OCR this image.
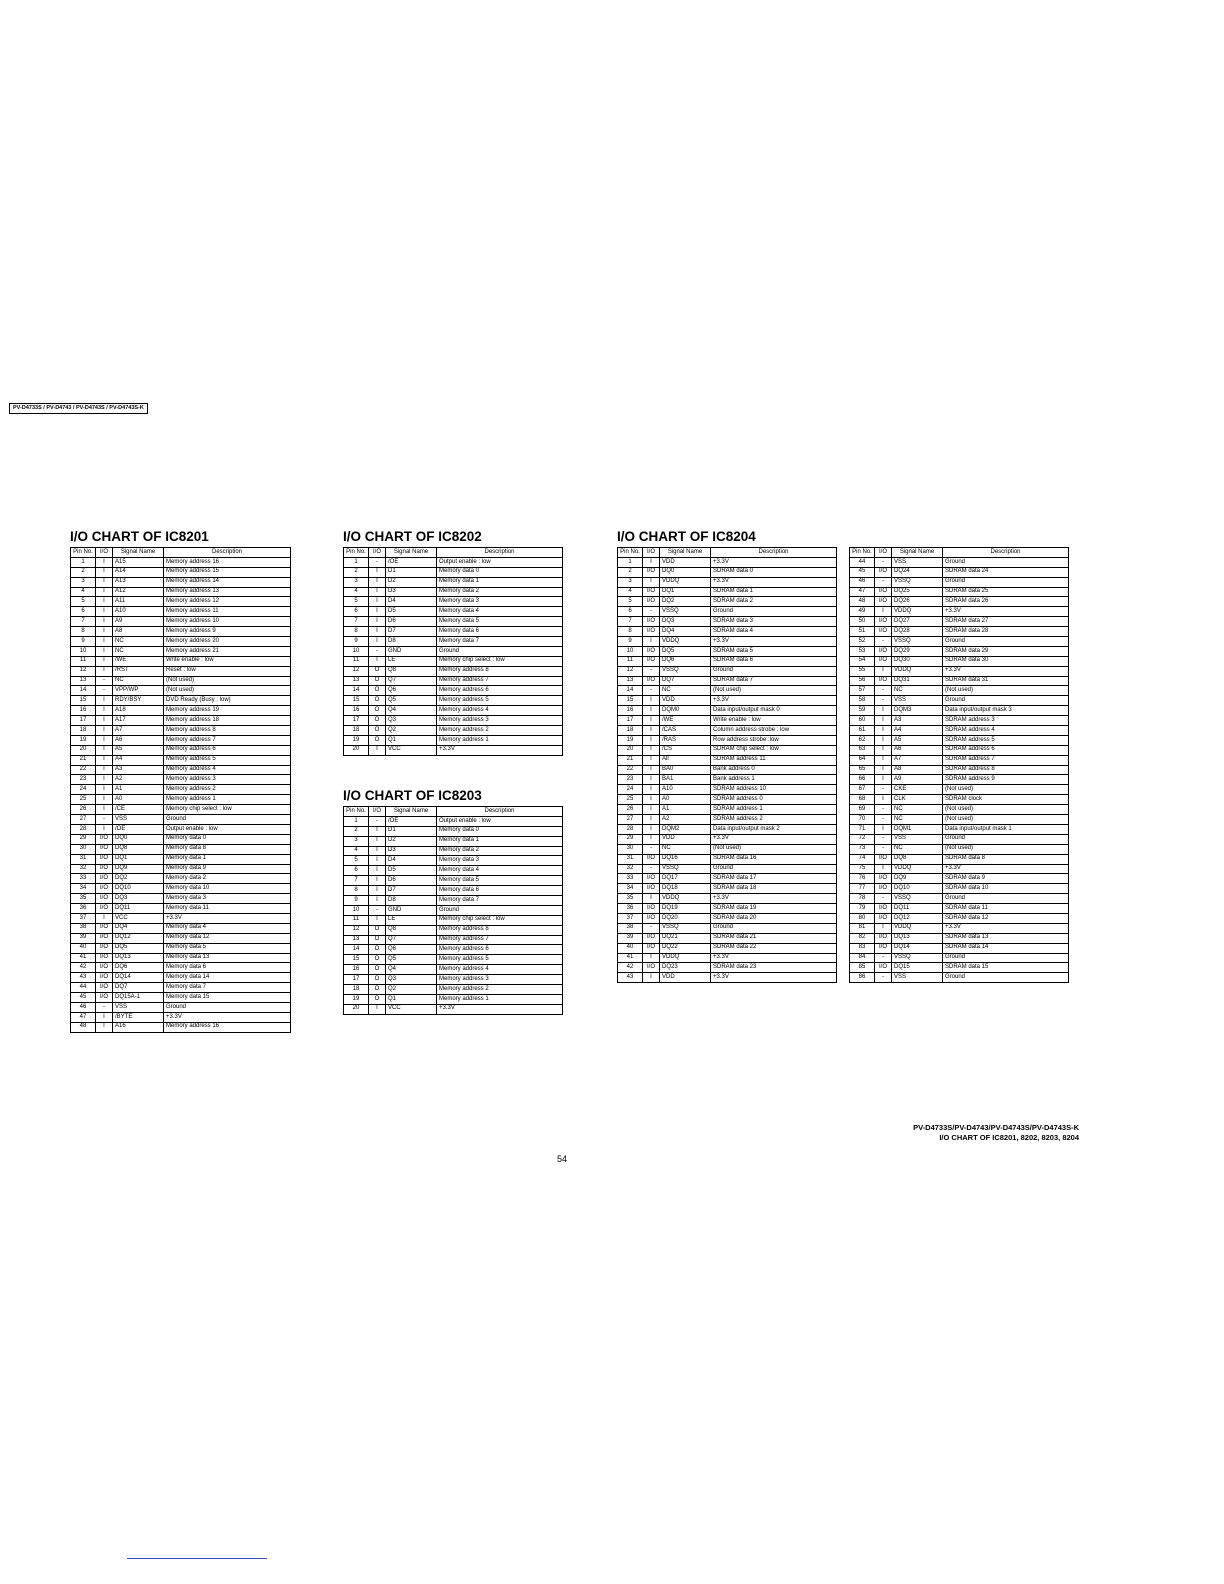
PV-D4733S / PV-D4743 / PV-D4743S / PV-D4743S-K
I/O CHART OF IC8201
Pin No.	I/O	Signal Name	Description
1	I	A15	Memory address 16
2	I	A14	Memory address 15
3	I	A13	Memory address 14
4	I	A12	Memory address 13
5	I	A11	Memory address 12
6	I	A10	Memory address 11
7	I	A9	Memory address 10
8	I	A8	Memory address 9
9	I	NC	Memory address 20
10	I	NC	Memory address 21
11	I	/WE	Write enable : low
12	I	/RST	Reset : low
13	-	NC	(Not used)
14	-	VPP/WP	(Not used)
15	I	RDY/BSY	DVD Ready (Busy : low)
16	I	A18	Memory address 19
17	I	A17	Memory address 18
18	I	A7	Memory address 8
19	I	A6	Memory address 7
20	I	A5	Memory address 6
21	I	A4	Memory address 5
22	I	A3	Memory address 4
23	I	A2	Memory address 3
24	I	A1	Memory address 2
25	I	A0	Memory address 1
26	I	/CE	Memory chip select : low
27	-	VSS	Ground
28	I	/OE	Output enable : low
29	I/O	DQ0	Memory data 0
30	I/O	DQ8	Memory data 8
31	I/O	DQ1	Memory data 1
32	I/O	DQ9	Memory data 9
33	I/O	DQ2	Memory data 2
34	I/O	DQ10	Memory data 10
35	I/O	DQ3	Memory data 3
36	I/O	DQ11	Memory data 11
37	I	VCC	+3.3V
38	I/O	DQ4	Memory data 4
39	I/O	DQ12	Memory data 12
40	I/O	DQ5	Memory data 5
41	I/O	DQ13	Memory data 13
42	I/O	DQ6	Memory data 6
43	I/O	DQ14	Memory data 14
44	I/O	DQ7	Memory data 7
45	I/O	DQ15A-1	Memory data 15
46	-	VSS	Ground
47	I	/BYTE	+3.3V
48	I	A16	Memory address 16
I/O CHART OF IC8202
Pin No.	I/O	Signal Name	Description
1	-	/OE	Output enable : low
2	I	D1	Memory data 0
3	I	D2	Memory data 1
4	I	D3	Memory data 2
5	I	D4	Memory data 3
6	I	D5	Memory data 4
7	I	D6	Memory data 5
8	I	D7	Memory data 6
9	I	D8	Memory data 7
10	-	GND	Ground
11	I	LE	Memory chip select : low
12	O	Q8	Memory address 8
13	O	Q7	Memory address 7
14	O	Q6	Memory address 6
15	O	Q5	Memory address 5
16	O	Q4	Memory address 4
17	O	Q3	Memory address 3
18	O	Q2	Memory address 2
19	O	Q1	Memory address 1
20	I	VCC	+3.3V
I/O CHART OF IC8203
Pin No.	I/O	Signal Name	Description
1	-	/OE	Output enable : low
2	I	D1	Memory data 0
3	I	D2	Memory data 1
4	I	D3	Memory data 2
5	I	D4	Memory data 3
6	I	D5	Memory data 4
7	I	D6	Memory data 5
8	I	D7	Memory data 6
9	I	D8	Memory data 7
10	-	GND	Ground
11	I	LE	Memory chip select : low
12	O	Q8	Memory address 8
13	O	Q7	Memory address 7
14	O	Q6	Memory address 6
15	O	Q5	Memory address 5
16	O	Q4	Memory address 4
17	O	Q3	Memory address 3
18	O	Q2	Memory address 2
19	O	Q1	Memory address 1
20	I	VCC	+3.3V
I/O CHART OF IC8204
Pin No.	I/O	Signal Name	Description
1	I	VDD	+3.3V
2	I/O	DQ0	SDRAM data 0
3	I	VDDQ	+3.3V
4	I/O	DQ1	SDRAM data 1
5	I/O	DQ2	SDRAM data 2
6	-	VSSQ	Ground
7	I/O	DQ3	SDRAM data 3
8	I/O	DQ4	SDRAM data 4
9	I	VDDQ	+3.3V
10	I/O	DQ5	SDRAM data 5
11	I/O	DQ6	SDRAM data 6
12	-	VSSQ	Ground
13	I/O	DQ7	SDRAM data 7
14	-	NC	(Not used)
15	I	VDD	+3.3V
16	I	DQM0	Data input/output mask 0
17	I	/WE	Write enable : low
18	I	/CAS	Column address strobe : low
19	I	/RAS	Row address strobe :low
20	I	/CS	SDRAM chip select : low
21	I	All	SDRAM address 11
22	I	BA0	Bank address 0
23	I	BA1	Bank address 1
24	I	A10	SDRAM address 10
25	I	A0	SDRAM address 0
26	I	A1	SDRAM address 1
27	I	A2	SDRAM address 2
28	I	DQM2	Data input/output mask 2
29	I	VDD	+3.3V
30	-	NC	(Not used)
31	I/O	DQ16	SDRAM data 16
32	-	VSSQ	Ground
33	I/O	DQ17	SDRAM data 17
34	I/O	DQ18	SDRAM data 18
35	I	VDDQ	+3.3V
36	I/O	DQ19	SDRAM data 19
37	I/O	DQ20	SDRAM data 20
38	-	VSSQ	Ground
39	I/O	DQ21	SDRAM data 21
40	I/O	DQ22	SDRAM data 22
41	I	VDDQ	+3.3V
42	I/O	DQ23	SDRAM data 23
43	I	VDD	+3.3V
Pin No.	I/O	Signal Name	Description
44	-	VSS	Ground
45	I/O	DQ24	SDRAM data 24
46	-	VSSQ	Ground
47	I/O	DQ25	SDRAM data 25
48	I/O	DQ26	SDRAM data 26
49	I	VDDQ	+3.3V
50	I/O	DQ27	SDRAM data 27
51	I/O	DQ28	SDRAM data 28
52	-	VSSQ	Ground
53	I/O	DQ29	SDRAM data 29
54	I/O	DQ30	SDRAM data 30
55	I	VDDQ	+3.3V
56	I/O	DQ31	SDRAM data 31
57	-	NC	(Not used)
58	-	VSS	Ground
59	I	DQM3	Data input/output mask 3
60	I	A3	SDRAM address 3
61	I	A4	SDRAM address 4
62	I	A5	SDRAM address 5
63	I	A6	SDRAM address 6
64	I	A7	SDRAM address 7
65	I	A8	SDRAM address 8
66	I	A9	SDRAM address 9
67	-	CKE	(Not used)
68	I	CLK	SDRAM clock
69	-	NC	(Not used)
70	-	NC	(Not used)
71	I	DQM1	Data input/output mask 1
72	-	VSS	Ground
73	-	NC	(Not used)
74	I/O	DQ8	SDRAM data 8
75	I	VDDQ	+3.3V
76	I/O	DQ9	SDRAM data 9
77	I/O	DQ10	SDRAM data 10
78	-	VSSQ	Ground
79	I/O	DQ11	SDRAM data 11
80	I/O	DQ12	SDRAM data 12
81	I	VDDQ	+3.3V
82	I/O	DQ13	SDRAM data 13
83	I/O	DQ14	SDRAM data 14
84	-	VSSQ	Ground
85	I/O	DQ15	SDRAM data 15
86	-	VSS	Ground
PV-D4733S/PV-D4743/PV-D4743S/PV-D4743S-K
I/O CHART OF IC8201, 8202, 8203, 8204
54
